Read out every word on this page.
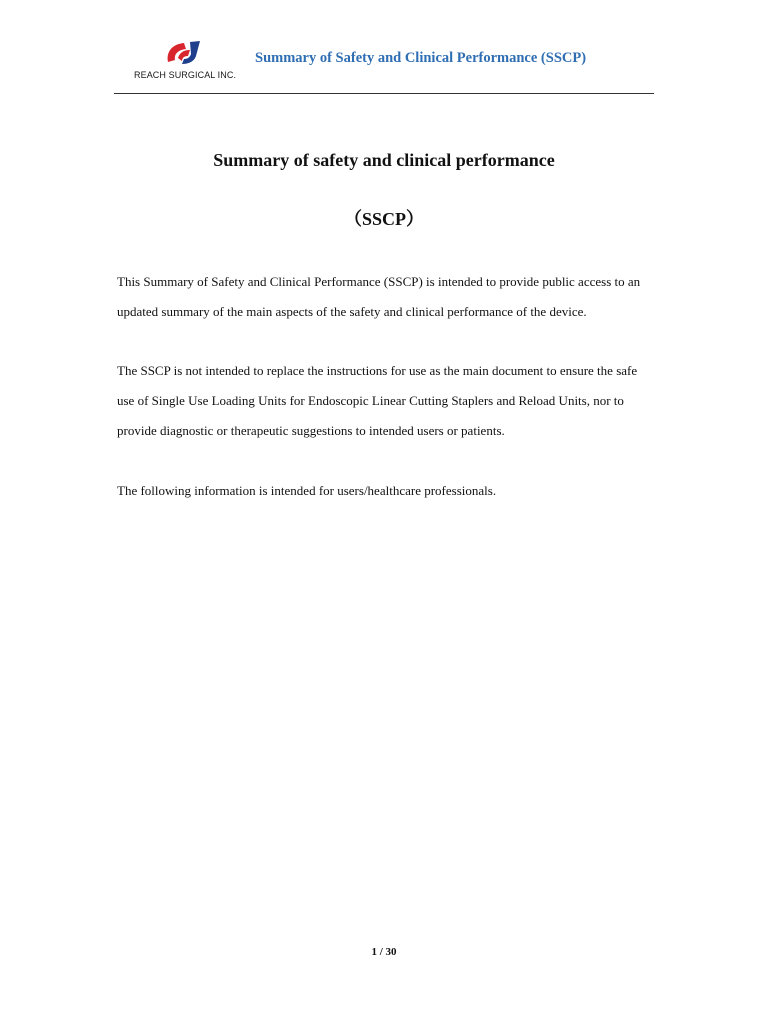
REACH SURGICAL INC.
Summary of Safety and Clinical Performance (SSCP)
Summary of safety and clinical performance
（SSCP）

This Summary of Safety and Clinical Performance (SSCP) is intended to provide public access to an updated summary of the main aspects of the safety and clinical performance of the device.

The SSCP is not intended to replace the instructions for use as the main document to ensure the safe use of Single Use Loading Units for Endoscopic Linear Cutting Staplers and Reload Units, nor to provide diagnostic or therapeutic suggestions to intended users or patients.

The following information is intended for users/healthcare professionals.

1 / 30
